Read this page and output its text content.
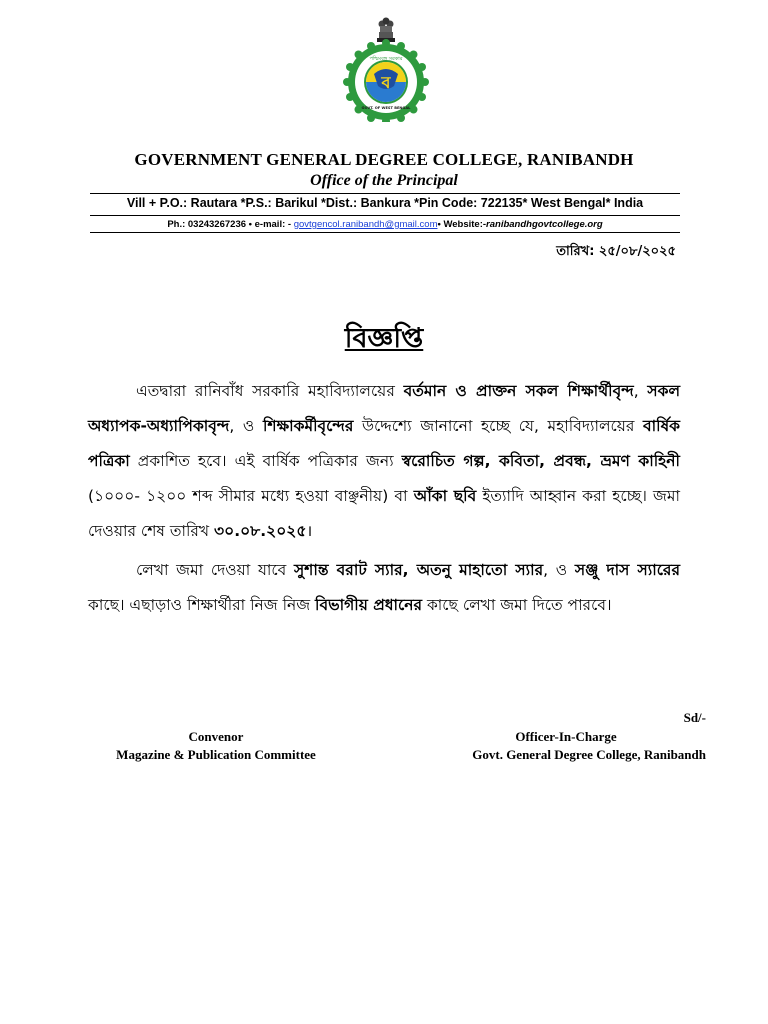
ব
পশ্চিমবঙ্গ সরকার
GOVT. OF WEST BENGAL
GOVERNMENT GENERAL DEGREE COLLEGE, RANIBANDH
Office of the Principal
Vill + P.O.: Rautara *P.S.: Barikul *Dist.: Bankura *Pin Code: 722135* West Bengal* India
Ph.: 03243267236 • e-mail: - govtgencol.ranibandh@gmail.com• Website:-ranibandhgovtcollege.org
তারিখ: ২৫/০৮/২০২৫
বিজ্ঞপ্তি
এতদ্বারা রানিবাঁধ সরকারি মহাবিদ্যালয়ের বর্তমান ও প্রাক্তন সকল শিক্ষার্থীবৃন্দ, সকল অধ্যাপক-অধ্যাপিকাবৃন্দ, ও শিক্ষাকর্মীবৃন্দের উদ্দেশ্যে জানানো হচ্ছে যে, মহাবিদ্যালয়ের বার্ষিক পত্রিকা প্রকাশিত হবে। এই বার্ষিক পত্রিকার জন্য স্বরোচিত গল্প, কবিতা, প্রবন্ধ, ভ্রমণ কাহিনী (১০০০- ১২০০ শব্দ সীমার মধ্যে হওয়া বাঞ্ছনীয়) বা আঁকা ছবি ইত্যাদি আহ্বান করা হচ্ছে। জমা দেওয়ার শেষ তারিখ ৩০.০৮.২০২৫।
লেখা জমা দেওয়া যাবে সুশান্ত বরাট স্যার, অতনু মাহাতো স্যার, ও সঞ্জু দাস স্যারের কাছে। এছাড়াও শিক্ষার্থীরা নিজ নিজ বিভাগীয় প্রধানের কাছে লেখা জমা দিতে পারবে।
Sd/-
Convenor
Magazine & Publication Committee
Officer-In-Charge
Govt. General Degree College, Ranibandh
